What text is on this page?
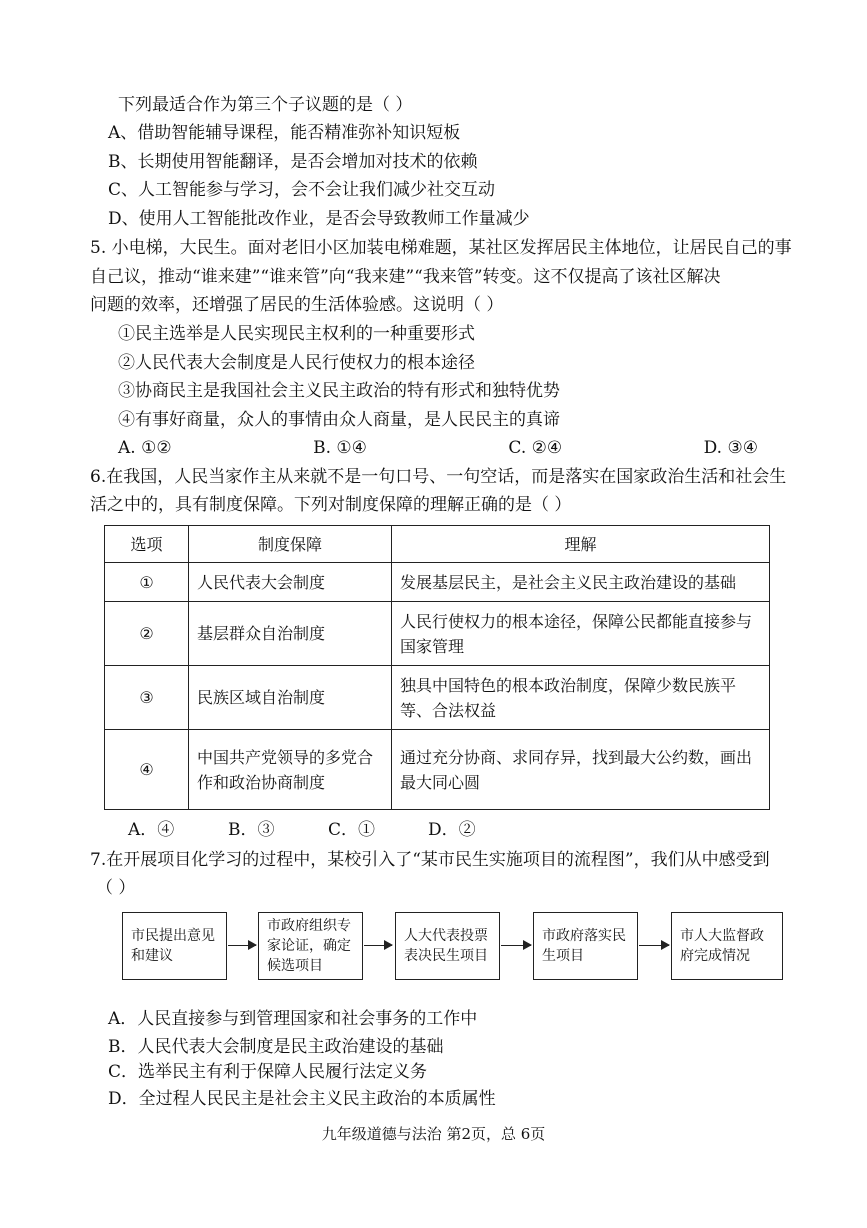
下列最适合作为第三个子议题的是（ ）
A、借助智能辅导课程，能否精准弥补知识短板
B、长期使用智能翻译，是否会增加对技术的依赖
C、人工智能参与学习，会不会让我们减少社交互动
D、使用人工智能批改作业，是否会导致教师工作量减少
5. 小电梯，大民生。面对老旧小区加装电梯难题，某社区发挥居民主体地位，让居民自己的事
自己议，推动“谁来建”“谁来管”向“我来建”“我来管”转变。这不仅提高了该社区解决
问题的效率，还增强了居民的生活体验感。这说明（ ）
①民主选举是人民实现民主权利的一种重要形式
②人民代表大会制度是人民行使权力的根本途径
③协商民主是我国社会主义民主政治的特有形式和独特优势
④有事好商量，众人的事情由众人商量，是人民民主的真谛
A. ①②	B. ①④	C. ②④	D. ③④
6.在我国，人民当家作主从来就不是一句口号、一句空话，而是落实在国家政治生活和社会生
活之中的，具有制度保障。下列对制度保障的理解正确的是（ ）
选项	制度保障	理解
①	人民代表大会制度	发展基层民主，是社会主义民主政治建设的基础
②	基层群众自治制度	人民行使权力的根本途径，保障公民都能直接参与国家管理
③	民族区域自治制度	独具中国特色的根本政治制度，保障少数民族平等、合法权益
④	中国共产党领导的多党合作和政治协商制度	通过充分协商、求同存异，找到最大公约数，画出最大同心圆
A．④	B．③	C．①	D．②
7.在开展项目化学习的过程中，某校引入了“某市民生实施项目的流程图”，我们从中感受到
（ ）
市民提出意见和建议
市政府组织专家论证，确定候选项目
人大代表投票表决民生项目
市政府落实民生项目
市人大监督政府完成情况
A．人民直接参与到管理国家和社会事务的工作中
B．人民代表大会制度是民主政治建设的基础
C．选举民主有利于保障人民履行法定义务
D．全过程人民民主是社会主义民主政治的本质属性
九年级道德与法治 第2页，总 6页
